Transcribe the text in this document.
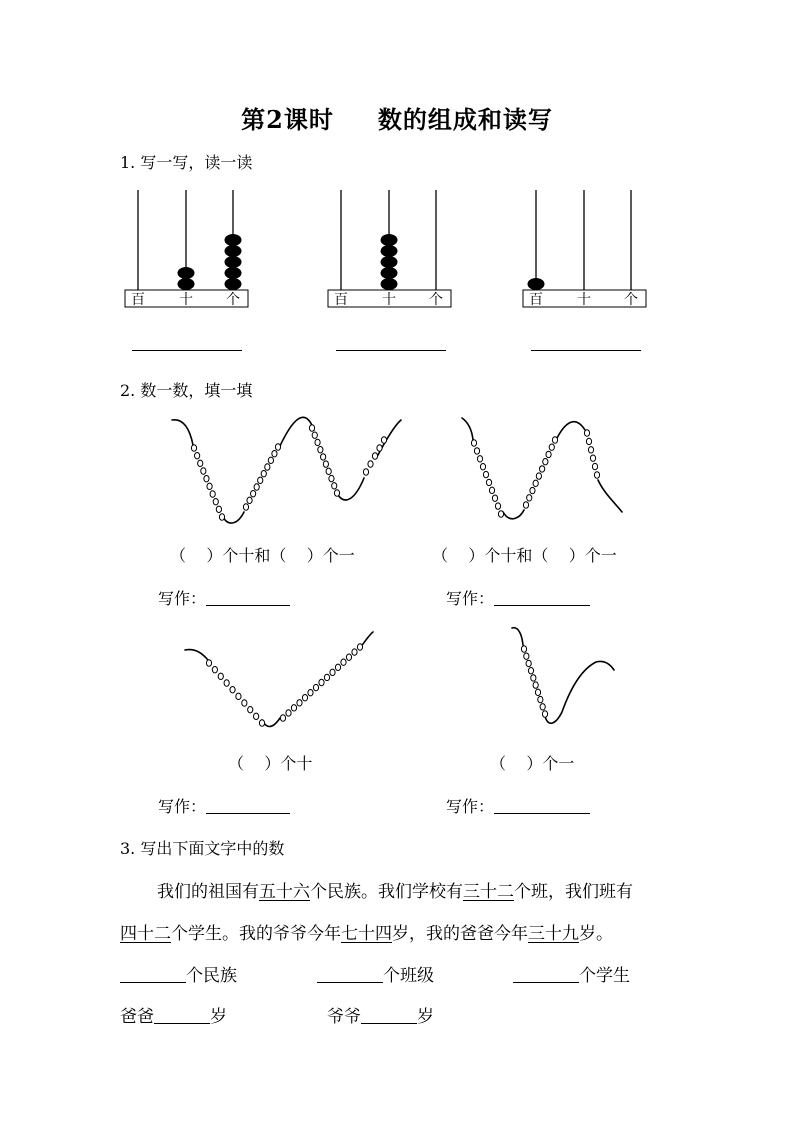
第2课时 数的组成和读写
1. 写一写，读一读
百 十 个	百 十 个	百 十 个
2. 数一数，填一填
（    ）个十和（    ）个一	（    ）个十和（    ）个一
写作：	写作：
（    ）个十	（    ）个一
写作：	写作：
3. 写出下面文字中的数
我们的祖国有五十六个民族。我们学校有三十二个班，我们班有
四十二个学生。我的爷爷今年七十四岁，我的爸爸今年三十九岁。
个民族	个班级	个学生
爸爸	岁	爷爷	岁
